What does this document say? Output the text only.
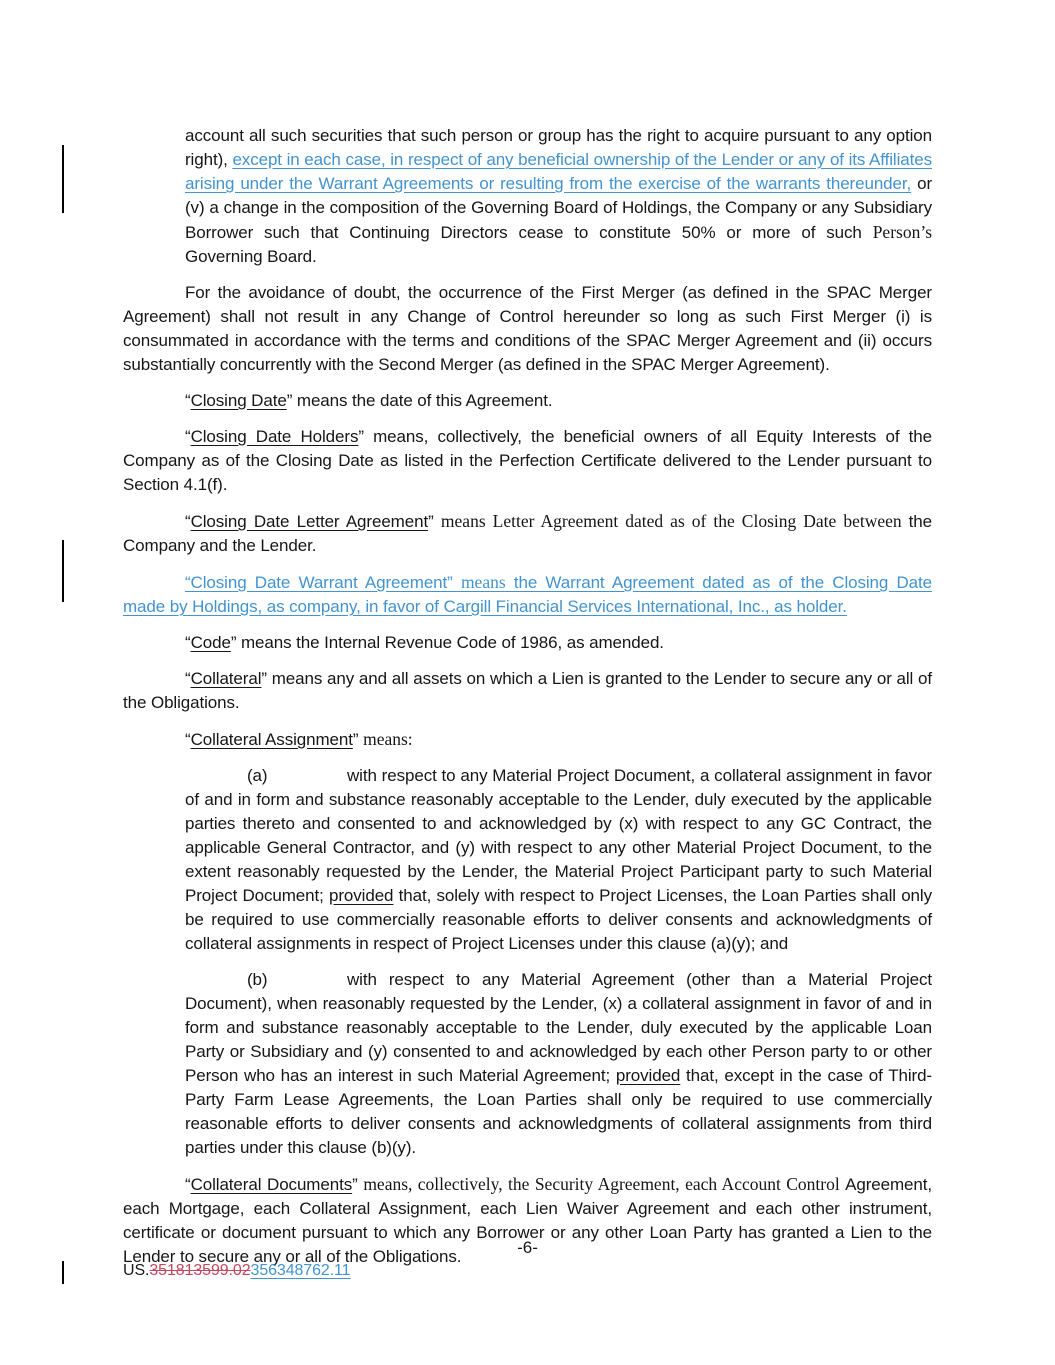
account all such securities that such person or group has the right to acquire pursuant to any option right), except in each case, in respect of any beneficial ownership of the Lender or any of its Affiliates arising under the Warrant Agreements or resulting from the exercise of the warrants thereunder, or (v) a change in the composition of the Governing Board of Holdings, the Company or any Subsidiary Borrower such that Continuing Directors cease to constitute 50% or more of such Person’s Governing Board.

For the avoidance of doubt, the occurrence of the First Merger (as defined in the SPAC Merger Agreement) shall not result in any Change of Control hereunder so long as such First Merger (i) is consummated in accordance with the terms and conditions of the SPAC Merger Agreement and (ii) occurs substantially concurrently with the Second Merger (as defined in the SPAC Merger Agreement).

“Closing Date” means the date of this Agreement.

“Closing Date Holders” means, collectively, the beneficial owners of all Equity Interests of the Company as of the Closing Date as listed in the Perfection Certificate delivered to the Lender pursuant to Section 4.1(f).

“Closing Date Letter Agreement” means Letter Agreement dated as of the Closing Date between the Company and the Lender.

“Closing Date Warrant Agreement” means the Warrant Agreement dated as of the Closing Date made by Holdings, as company, in favor of Cargill Financial Services International, Inc., as holder.

“Code” means the Internal Revenue Code of 1986, as amended.

“Collateral” means any and all assets on which a Lien is granted to the Lender to secure any or all of the Obligations.

“Collateral Assignment” means:

(a)	with respect to any Material Project Document, a collateral assignment in favor of and in form and substance reasonably acceptable to the Lender, duly executed by the applicable parties thereto and consented to and acknowledged by (x) with respect to any GC Contract, the applicable General Contractor, and (y) with respect to any other Material Project Document, to the extent reasonably requested by the Lender, the Material Project Participant party to such Material Project Document; provided that, solely with respect to Project Licenses, the Loan Parties shall only be required to use commercially reasonable efforts to deliver consents and acknowledgments of collateral assignments in respect of Project Licenses under this clause (a)(y); and

(b)	with respect to any Material Agreement (other than a Material Project Document), when reasonably requested by the Lender, (x) a collateral assignment in favor of and in form and substance reasonably acceptable to the Lender, duly executed by the applicable Loan Party or Subsidiary and (y) consented to and acknowledged by each other Person party to or other Person who has an interest in such Material Agreement; provided that, except in the case of Third-Party Farm Lease Agreements, the Loan Parties shall only be required to use commercially reasonable efforts to deliver consents and acknowledgments of collateral assignments from third parties under this clause (b)(y).

“Collateral Documents” means, collectively, the Security Agreement, each Account Control Agreement, each Mortgage, each Collateral Assignment, each Lien Waiver Agreement and each other instrument, certificate or document pursuant to which any Borrower or any other Loan Party has granted a Lien to the Lender to secure any or all of the Obligations.	-6-
US.351813599.02356348762.11
